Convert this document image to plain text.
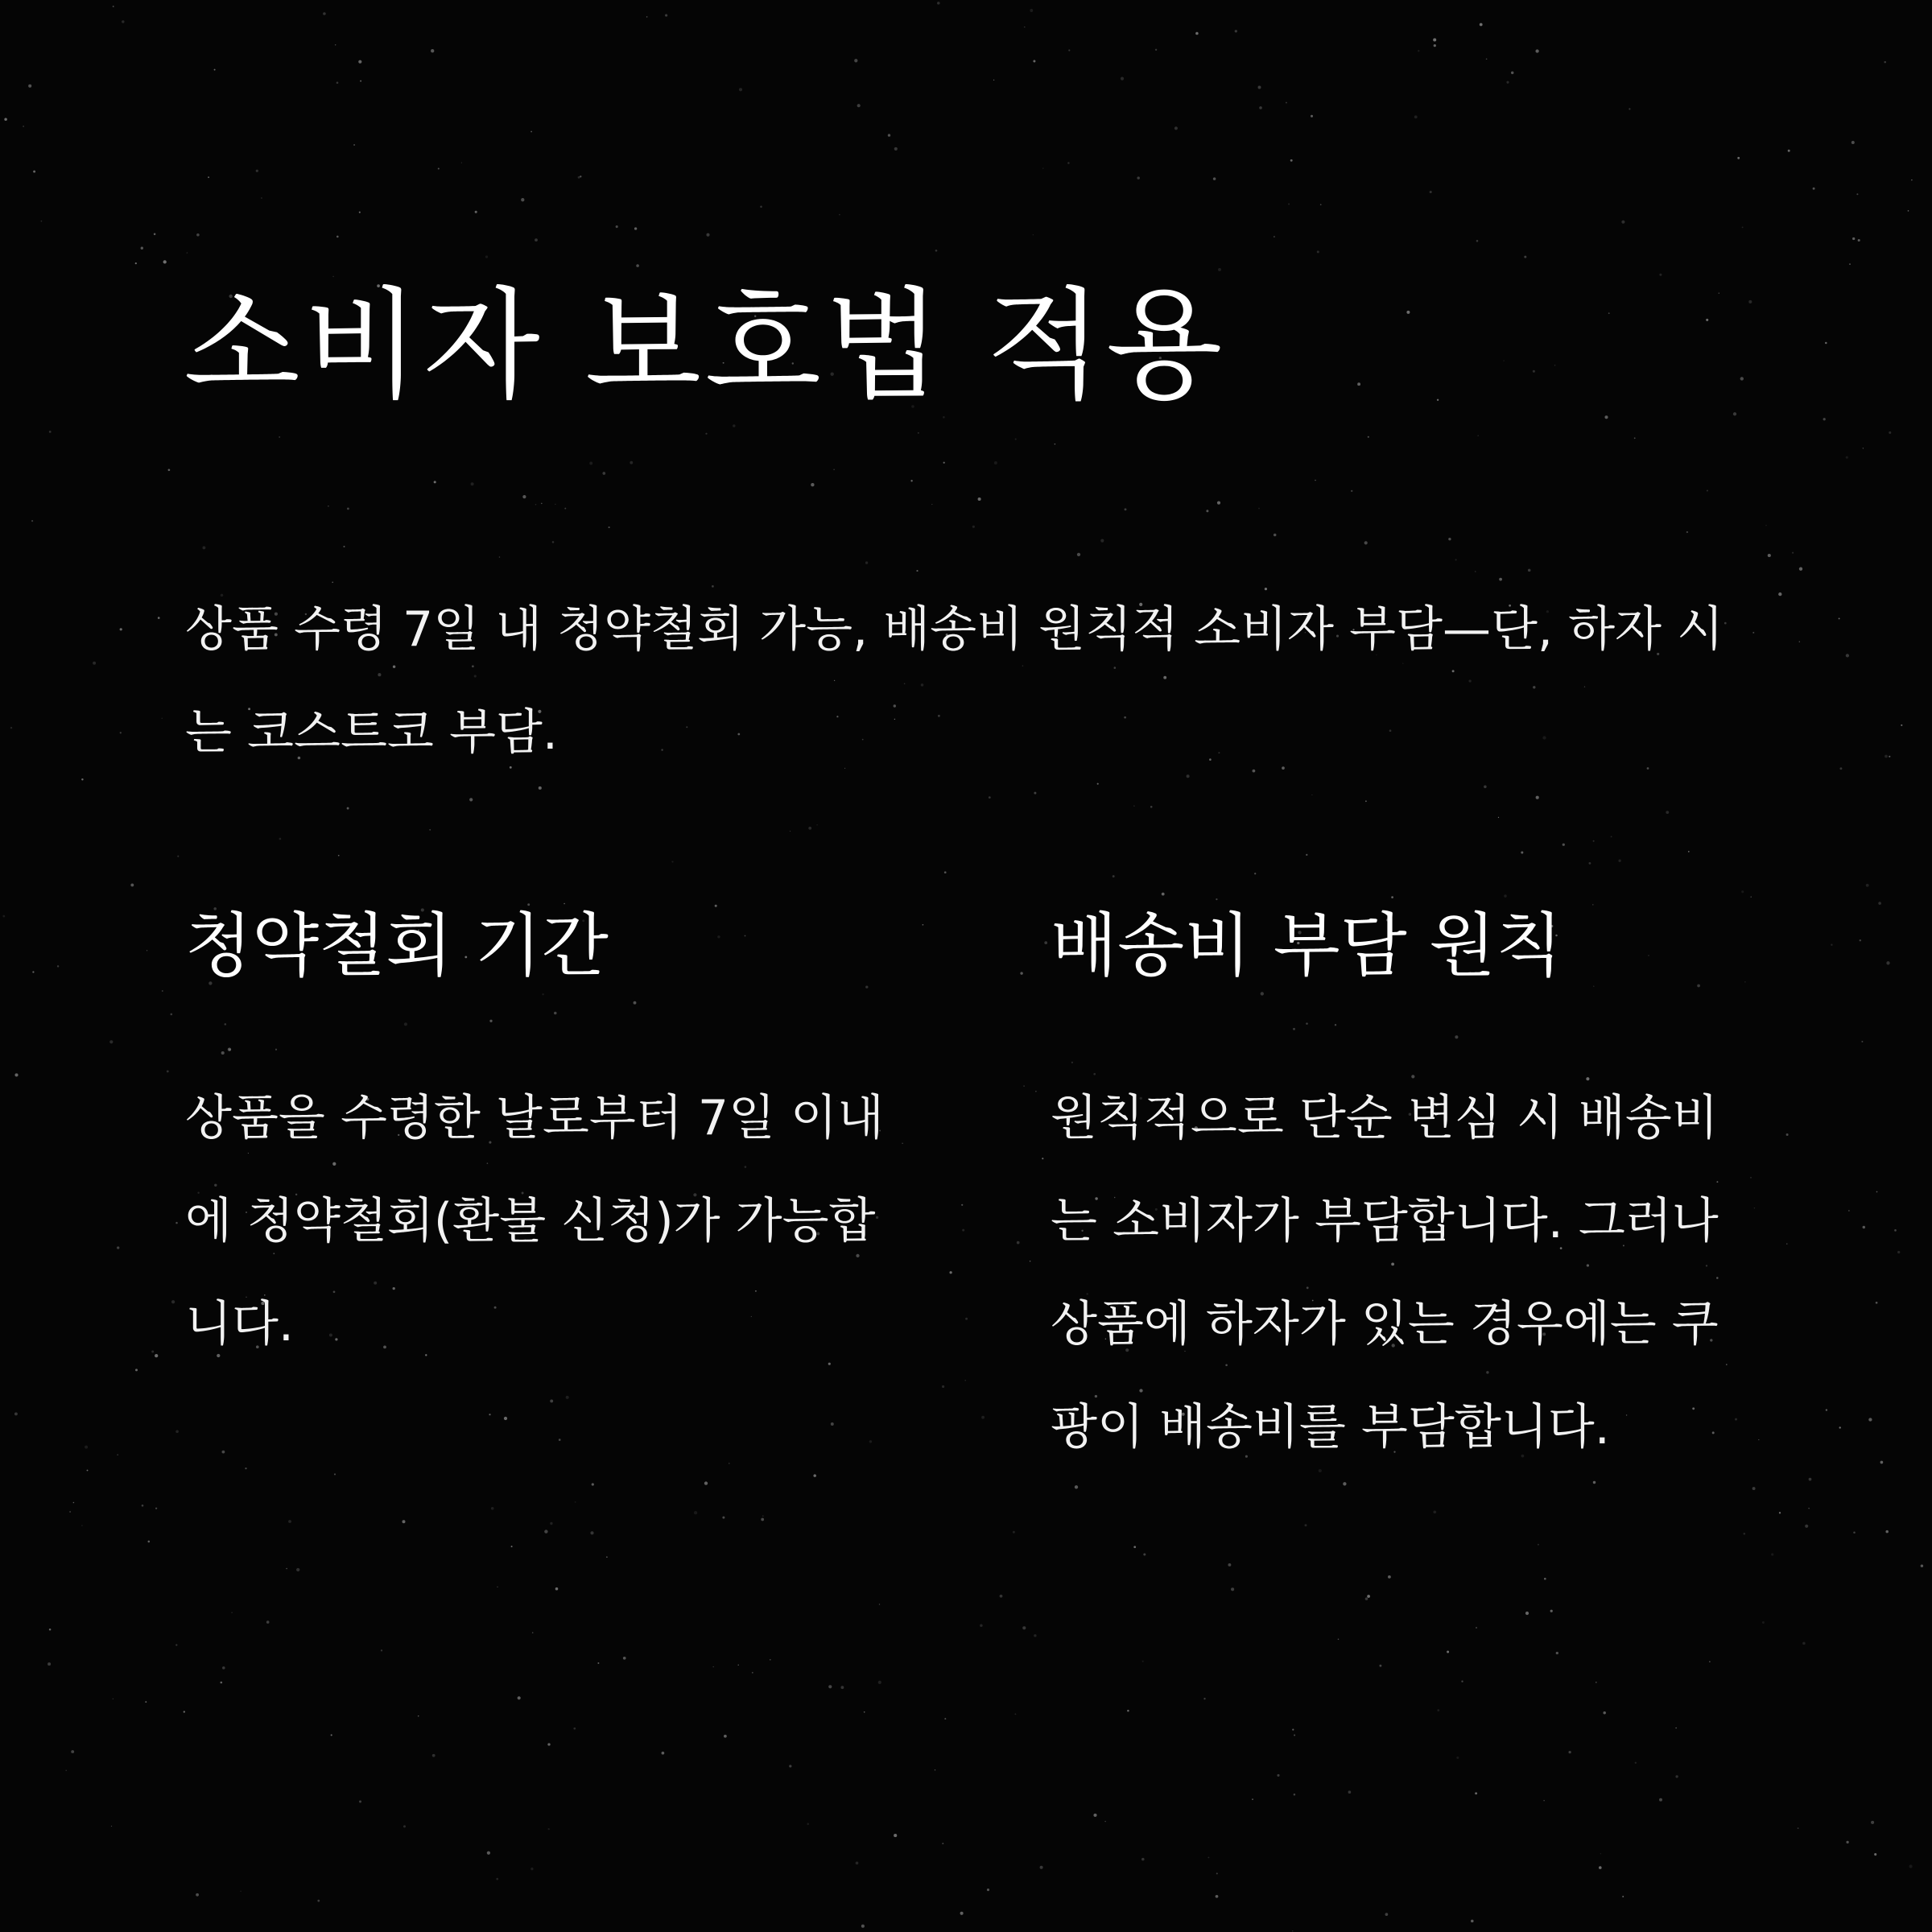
소비자 보호법 적용

상품 수령 7일 내 청약철회 가능, 배송비 원칙적 소비자 부담—단, 하자 시는 코스트코 부담.

청약철회 기간

상품을 수령한 날로부터 7일 이내에 청약철회(환불 신청)가 가능합니다.

배송비 부담 원칙

원칙적으로 단순 변심 시 배송비는 소비자가 부담합니다. 그러나 상품에 하자가 있는 경우에는 쿠팡이 배송비를 부담합니다.
